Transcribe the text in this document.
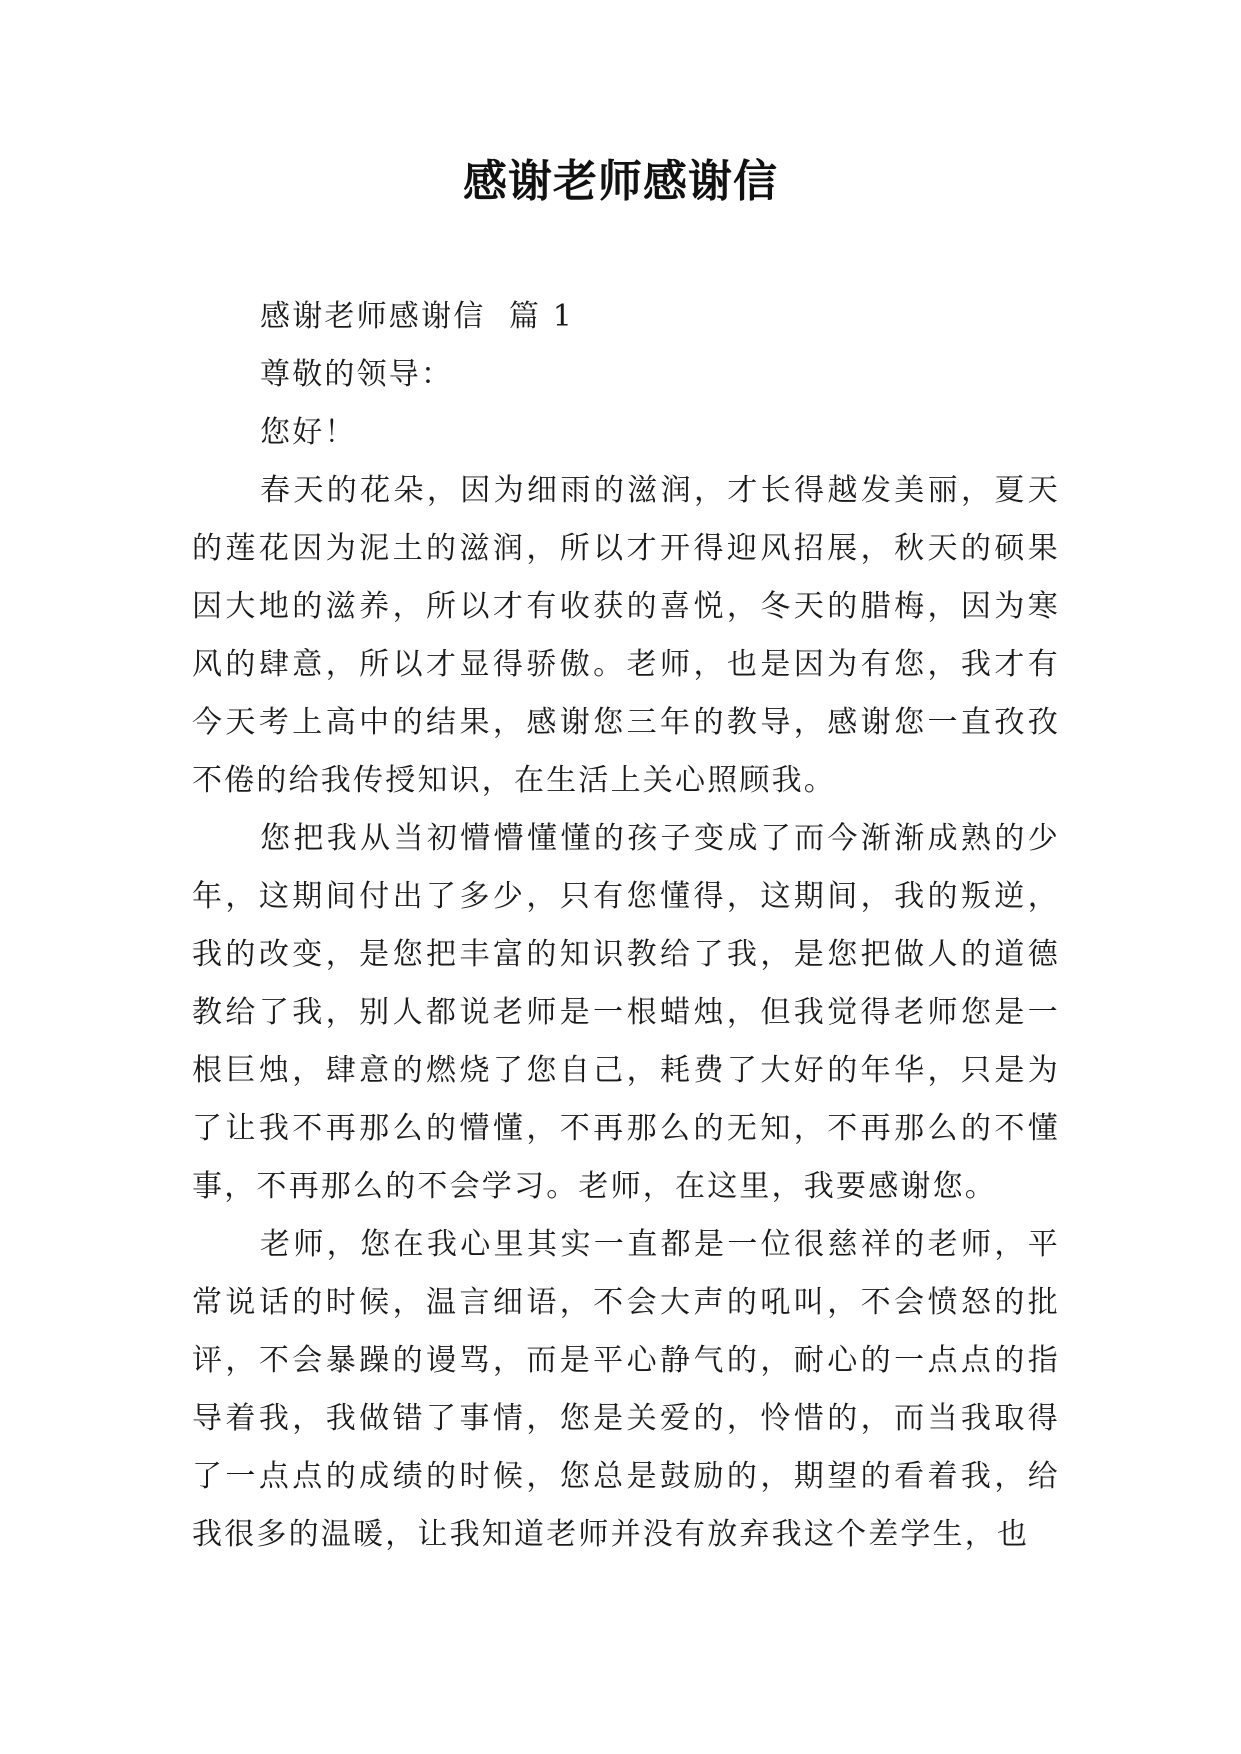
感谢老师感谢信

感谢老师感谢信  篇 1

尊敬的领导：

您好！

春天的花朵，因为细雨的滋润，才长得越发美丽，夏天的莲花因为泥土的滋润，所以才开得迎风招展，秋天的硕果因大地的滋养，所以才有收获的喜悦，冬天的腊梅，因为寒风的肆意，所以才显得骄傲。老师，也是因为有您，我才有今天考上高中的结果，感谢您三年的教导，感谢您一直孜孜不倦的给我传授知识，在生活上关心照顾我。

您把我从当初懵懵懂懂的孩子变成了而今渐渐成熟的少年，这期间付出了多少，只有您懂得，这期间，我的叛逆，我的改变，是您把丰富的知识教给了我，是您把做人的道德教给了我，别人都说老师是一根蜡烛，但我觉得老师您是一根巨烛，肆意的燃烧了您自己，耗费了大好的年华，只是为了让我不再那么的懵懂，不再那么的无知，不再那么的不懂事，不再那么的不会学习。老师，在这里，我要感谢您。

老师，您在我心里其实一直都是一位很慈祥的老师，平常说话的时候，温言细语，不会大声的吼叫，不会愤怒的批评，不会暴躁的谩骂，而是平心静气的，耐心的一点点的指导着我，我做错了事情，您是关爱的，怜惜的，而当我取得了一点点的成绩的时候，您总是鼓励的，期望的看着我，给我很多的温暖，让我知道老师并没有放弃我这个差学生，也
